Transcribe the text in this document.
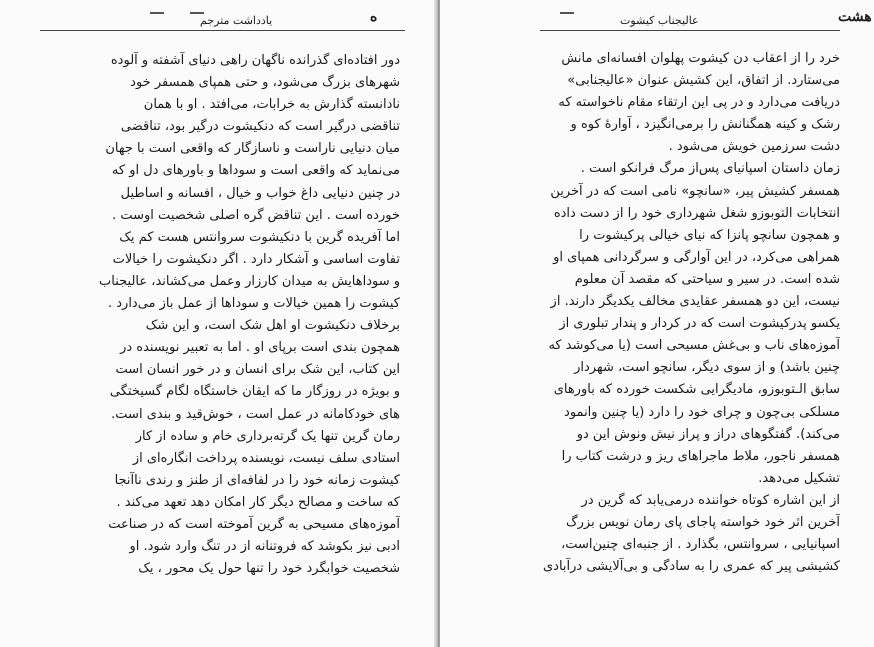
یادداشت مترجم	ه
دور افتاده‌ای گذرانده ناگهان راهی دنیای آشفته و آلوده
شهرهای بزرگ می‌شود، و حتی همپای همسفر خود
نادانسته گذارش به خرابات، می‌افتد . او با همان
تناقضی درگیر است که دنکیشوت درگیر بود، تناقضی
میان دنیایی ناراست و ناسازگار که واقعی است با جهان
می‌نماید که واقعی است و سوداها و باورهای دل او که
در چنین دنیایی داغ خواب و خیال ، افسانه و اساطیل
خورده است . این تناقض گره اصلی شخصیت اوست .
اما آفریده گرین با دنکیشوت سروانتس هست کم یک
تفاوت اساسی و آشکار دارد . اگر دنکیشوت را خیالات
و سوداهایش به میدان کارزار وعمل می‌کشاند، عالیجناب
کیشوت را همین خیالات و سوداها از عمل باز می‌دارد .
برخلاف دنکیشوت او اهل شک است، و این شک
همچون بندی است برپای او . اما به تعبیر نویسنده در
این کتاب، این شک برای انسان و در خور انسان است
و بویژه در روزگار ما که ایقان خاستگاه لگام گسیختگی‌
های خودکامانه در عمل است ، خوش‌قید و بندی است.
رمان گرین تنها یک گرته‌برداری خام و ساده از کار
استادی سلف نیست، نویسنده پرداخت انگاره‌ای از
کیشوت زمانه خود را در لفافه‌ای از طنز و رندی نا‌آنجا
که ساخت و مصالح دیگر کار امکان دهد تعهد می‌کند .
آموزه‌های مسیحی به گرین آموخته است که در صناعت
ادبی نیز بکوشد که فروتنانه از در تنگ وارد شود. او
شخصیت خوابگرد خود را تنها حول یک محور ، یک
هشت
عالیجناب کیشوت
خرد را از اعقاب دن کیشوت پهلوان افسانه‌ای مانش
می‌ستارد. از اتفاق، این کشیش عنوان «عالیجنابی»
دریافت می‌دارد و در پی این ارتقاء مقام ناخواسته که
رشک و کینه همگنانش را برمی‌انگیزد ، آوارۀ کوه و
دشت سرزمین خویش می‌شود .
زمان داستان اسپانیای پس‌از مرگ فرانکو است .
همسفر کشیش پیر، «سانچو» نامی است که در آخرین
انتخابات التوبوزو شغل شهرداری خود را از دست داده
و همچون سانچو پانزا که نیای خیالی پرکیشوت را
همراهی می‌کرد، در این آوارگی و سرگردانی همپای او
شده است. در سیر و سیاحتی که مقصد آن معلوم
نیست، این دو همسفر عقایدی مخالف یکدیگر دارند. از
یکسو پدرکیشوت است که در کردار و پندار تبلوری از
آموزه‌های ناب و بی‌غش مسیحی است (یا می‌کوشد که
چنین باشد) و از سوی دیگر، سانچو است، شهردار
سابق الـتوبوزو، مادیگرایی شکست خورده که باورهای
مسلکی بی‌چون و چرای خود را دارد (یا چنین وانمود
می‌کند). گفتگوهای دراز و پراز نیش ونوش این دو
همسفر ناجور، ملاط ماجراهای ریز و درشت کتاب را
تشکیل می‌دهد.
از این اشاره کوتاه خواننده درمی‌یابد که گرین در
آخرین اثر خود خواسته پاجای پای رمان نویس بزرگ
اسپانیایی ، سروانتس، بگذارد . از جنبه‌ای چنین‌است،
کشیشی پیر که عمری را به سادگی و بی‌آلایشی درآبادی
